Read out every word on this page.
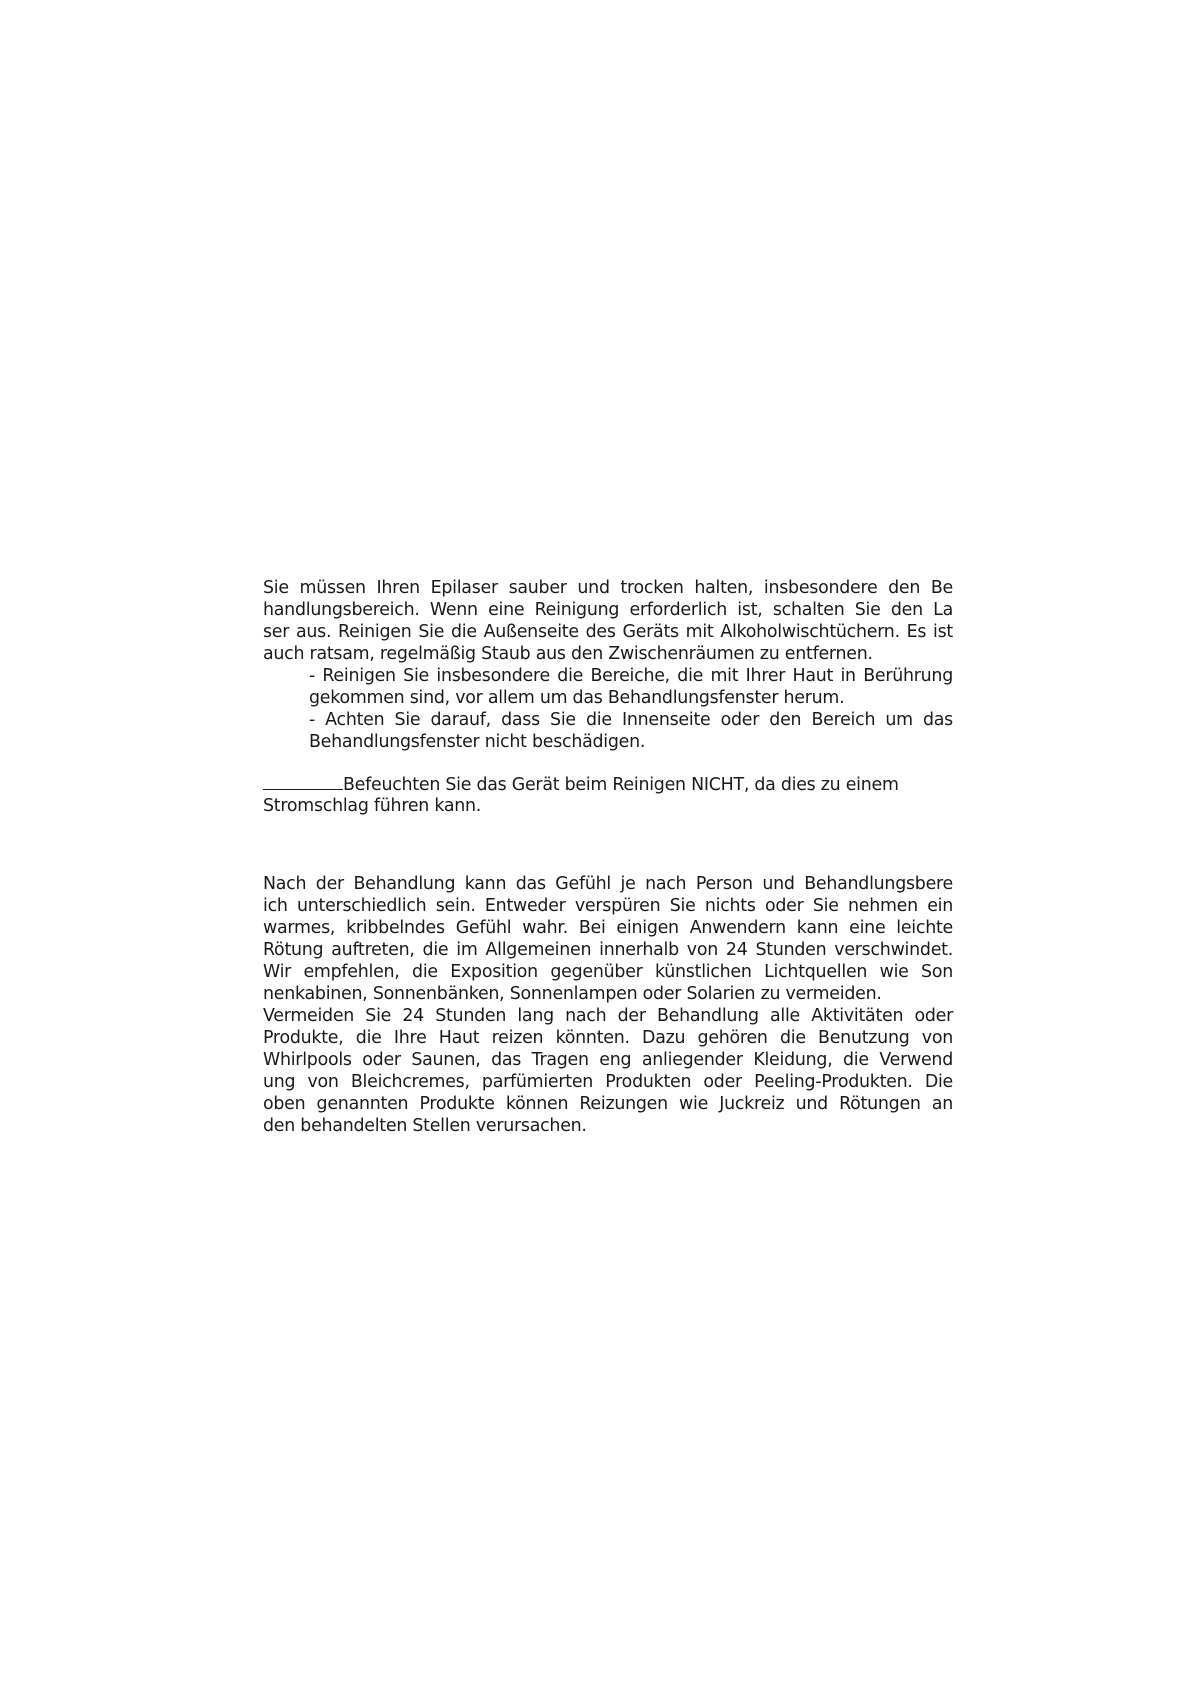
Sie müssen Ihren Epilaser sauber und trocken halten, insbesondere den Be
handlungsbereich. Wenn eine Reinigung erforderlich ist, schalten Sie den La
ser aus. Reinigen Sie die Außenseite des Geräts mit Alkoholwischtüchern. Es ist
auch ratsam, regelmäßig Staub aus den Zwischenräumen zu entfernen.
- Reinigen Sie insbesondere die Bereiche, die mit Ihrer Haut in Berührung
gekommen sind, vor allem um das Behandlungsfenster herum.
- Achten Sie darauf, dass Sie die Innenseite oder den Bereich um das
Behandlungsfenster nicht beschädigen.
Befeuchten Sie das Gerät beim Reinigen NICHT, da dies zu einem
Stromschlag führen kann.
Nach der Behandlung kann das Gefühl je nach Person und Behandlungsbere
ich unterschiedlich sein. Entweder verspüren Sie nichts oder Sie nehmen ein
warmes, kribbelndes Gefühl wahr. Bei einigen Anwendern kann eine leichte
Rötung auftreten, die im Allgemeinen innerhalb von 24 Stunden verschwindet.
Wir empfehlen, die Exposition gegenüber künstlichen Lichtquellen wie Son
nenkabinen, Sonnenbänken, Sonnenlampen oder Solarien zu vermeiden.
Vermeiden Sie 24 Stunden lang nach der Behandlung alle Aktivitäten oder
Produkte, die Ihre Haut reizen könnten. Dazu gehören die Benutzung von
Whirlpools oder Saunen, das Tragen eng anliegender Kleidung, die Verwend
ung von Bleichcremes, parfümierten Produkten oder Peeling-Produkten. Die
oben genannten Produkte können Reizungen wie Juckreiz und Rötungen an
den behandelten Stellen verursachen.
